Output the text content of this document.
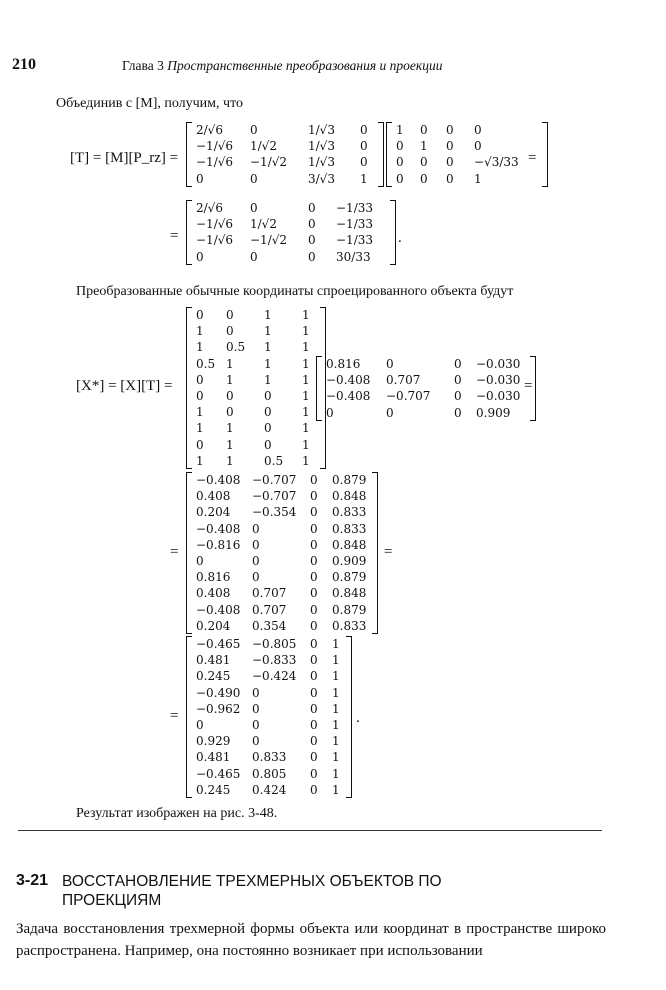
210	Глава 3 Пространственные преобразования и проекции
Объединив с [M], получим, что
[T] = [M][P_rz] =
2/√6	0	1/√3	0
−1/√6	1/√2	1/√3	0
−1/√6	−1/√2	1/√3	0
0	0	3/√3	1
1	0	0	0
0	1	0	0
0	0	0	−√3/33
0	0	0	1
=
=
2/√6	0	0	−1/33
−1/√6	1/√2	0	−1/33
−1/√6	−1/√2	0	−1/33
0	0	0	30/33
.
Преобразованные обычные координаты спроецированного объекта будут
[X*] = [X][T] =
0	0	1	1
1	0	1	1
1	0.5	1	1
0.5	1	1	1
0	1	1	1
0	0	0	1
1	0	0	1
1	1	0	1
0	1	0	1
1	1	0.5	1
0.816	0	0	−0.030
−0.408	0.707	0	−0.030
−0.408	−0.707	0	−0.030
0	0	0	0.909
=
=
−0.408	−0.707	0	0.879
0.408	−0.707	0	0.848
0.204	−0.354	0	0.833
−0.408	0	0	0.833
−0.816	0	0	0.848
0	0	0	0.909
0.816	0	0	0.879
0.408	0.707	0	0.848
−0.408	0.707	0	0.879
0.204	0.354	0	0.833
=
=
−0.465	−0.805	0	1
0.481	−0.833	0	1
0.245	−0.424	0	1
−0.490	0	0	1
−0.962	0	0	1
0	0	0	1
0.929	0	0	1
0.481	0.833	0	1
−0.465	0.805	0	1
0.245	0.424	0	1
.
Результат изображен на рис. 3-48.
3-21 ВОССТАНОВЛЕНИЕ ТРЕХМЕРНЫХ ОБЪЕКТОВ ПО ПРОЕКЦИЯМ
Задача восстановления трехмерной формы объекта или координат в пространстве широко распространена. Например, она постоянно возникает при использовании
